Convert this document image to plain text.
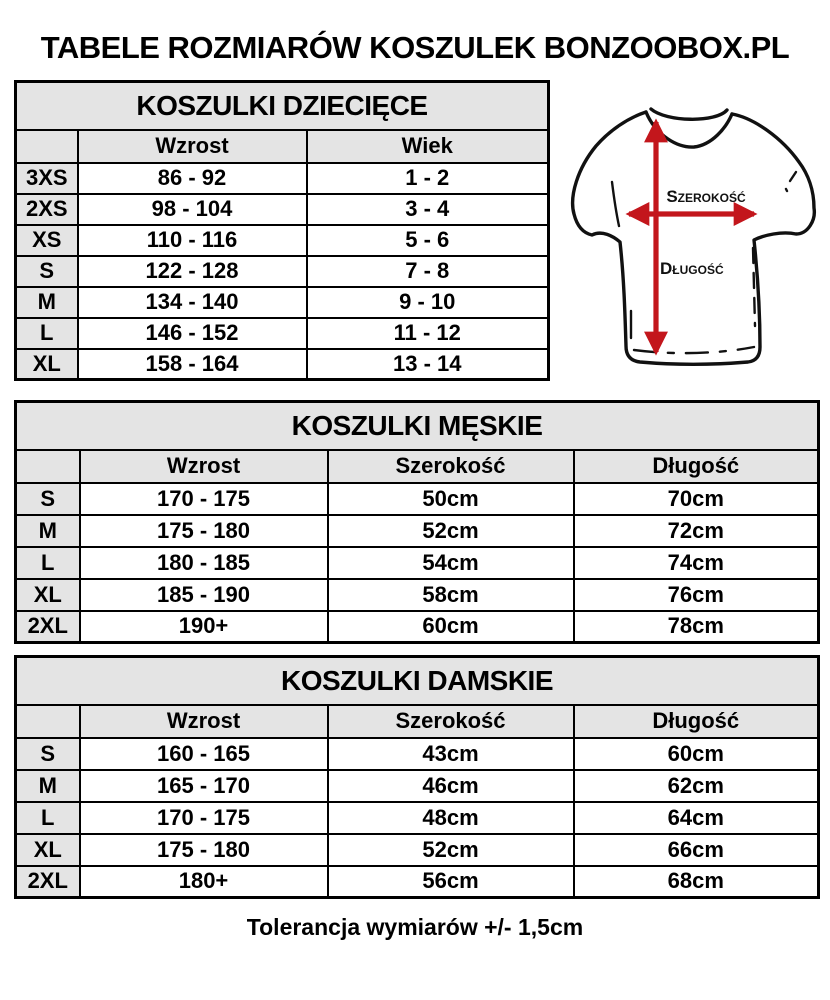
TABELE ROZMIARÓW KOSZULEK BONZOOBOX.PL
KOSZULKI DZIECIĘCE		
	Wzrost	Wiek
3XS	86 - 92	1 - 2
2XS	98 - 104	3 - 4
XS	110 - 116	5 - 6
S	122 - 128	7 - 8
M	134 - 140	9 - 10
L	146 - 152	11 - 12
XL	158 - 164	13 - 14
Szerokość
Długość
KOSZULKI MĘSKIE			
	Wzrost	Szerokość	Długość
S	170 - 175	50cm	70cm
M	175 - 180	52cm	72cm
L	180 - 185	54cm	74cm
XL	185 - 190	58cm	76cm
2XL	190+	60cm	78cm
KOSZULKI DAMSKIE			
	Wzrost	Szerokość	Długość
S	160 - 165	43cm	60cm
M	165 - 170	46cm	62cm
L	170 - 175	48cm	64cm
XL	175 - 180	52cm	66cm
2XL	180+	56cm	68cm

Tolerancja wymiarów +/- 1,5cm
